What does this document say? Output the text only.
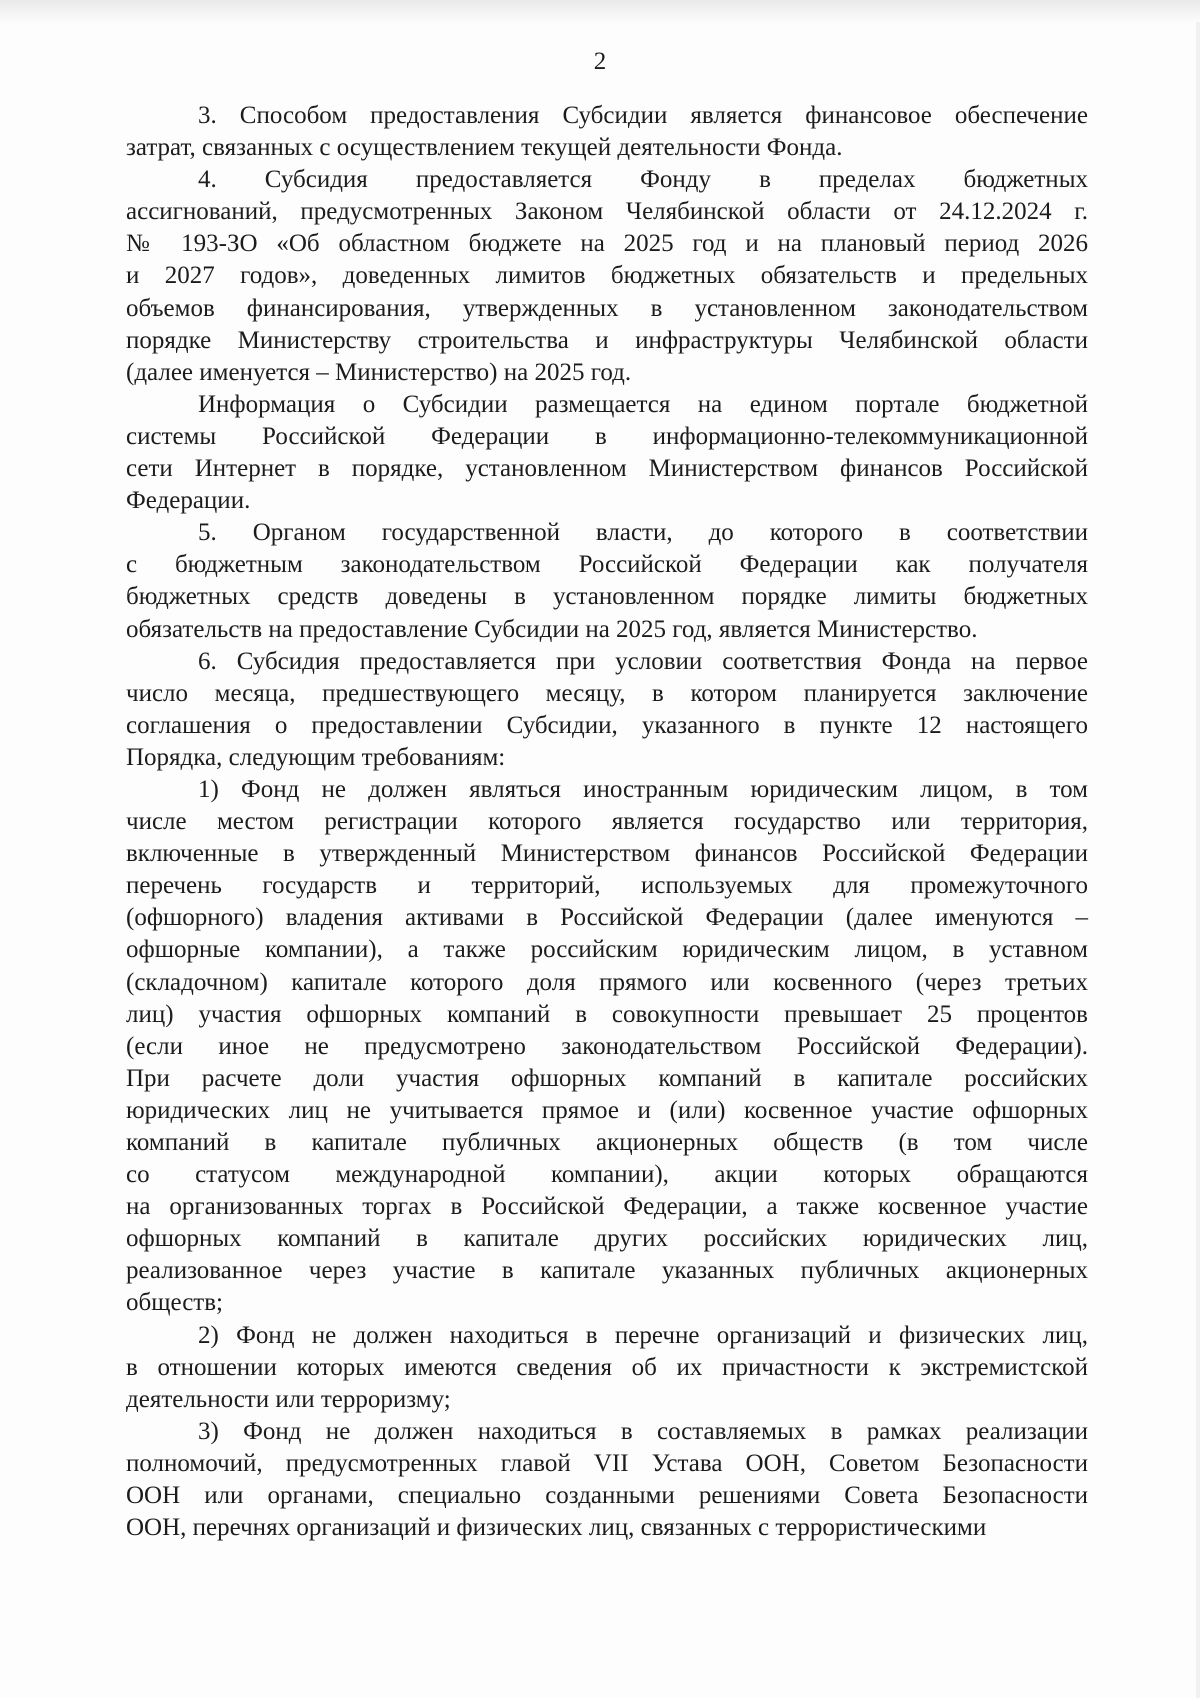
2

3. Способом предоставления Субсидии является финансовое обеспечение
затрат, связанных с осуществлением текущей деятельности Фонда.
4. Субсидия предоставляется Фонду в пределах бюджетных
ассигнований, предусмотренных Законом Челябинской области от 24.12.2024 г.
№ 193-ЗО «Об областном бюджете на 2025 год и на плановый период 2026
и 2027 годов», доведенных лимитов бюджетных обязательств и предельных
объемов финансирования, утвержденных в установленном законодательством
порядке Министерству строительства и инфраструктуры Челябинской области
(далее именуется – Министерство) на 2025 год.
Информация о Субсидии размещается на едином портале бюджетной
системы Российской Федерации в информационно-телекоммуникационной
сети Интернет в порядке, установленном Министерством финансов Российской
Федерации.
5. Органом государственной власти, до которого в соответствии
с бюджетным законодательством Российской Федерации как получателя
бюджетных средств доведены в установленном порядке лимиты бюджетных
обязательств на предоставление Субсидии на 2025 год, является Министерство.
6. Субсидия предоставляется при условии соответствия Фонда на первое
число месяца, предшествующего месяцу, в котором планируется заключение
соглашения о предоставлении Субсидии, указанного в пункте 12 настоящего
Порядка, следующим требованиям:
1) Фонд не должен являться иностранным юридическим лицом, в том
числе местом регистрации которого является государство или территория,
включенные в утвержденный Министерством финансов Российской Федерации
перечень государств и территорий, используемых для промежуточного
(офшорного) владения активами в Российской Федерации (далее именуются –
офшорные компании), а также российским юридическим лицом, в уставном
(складочном) капитале которого доля прямого или косвенного (через третьих
лиц) участия офшорных компаний в совокупности превышает 25 процентов
(если иное не предусмотрено законодательством Российской Федерации).
При расчете доли участия офшорных компаний в капитале российских
юридических лиц не учитывается прямое и (или) косвенное участие офшорных
компаний в капитале публичных акционерных обществ (в том числе
со статусом международной компании), акции которых обращаются
на организованных торгах в Российской Федерации, а также косвенное участие
офшорных компаний в капитале других российских юридических лиц,
реализованное через участие в капитале указанных публичных акционерных
обществ;
2) Фонд не должен находиться в перечне организаций и физических лиц,
в отношении которых имеются сведения об их причастности к экстремистской
деятельности или терроризму;
3) Фонд не должен находиться в составляемых в рамках реализации
полномочий, предусмотренных главой VII Устава ООН, Советом Безопасности
ООН или органами, специально созданными решениями Совета Безопасности
ООН, перечнях организаций и физических лиц, связанных с террористическими
